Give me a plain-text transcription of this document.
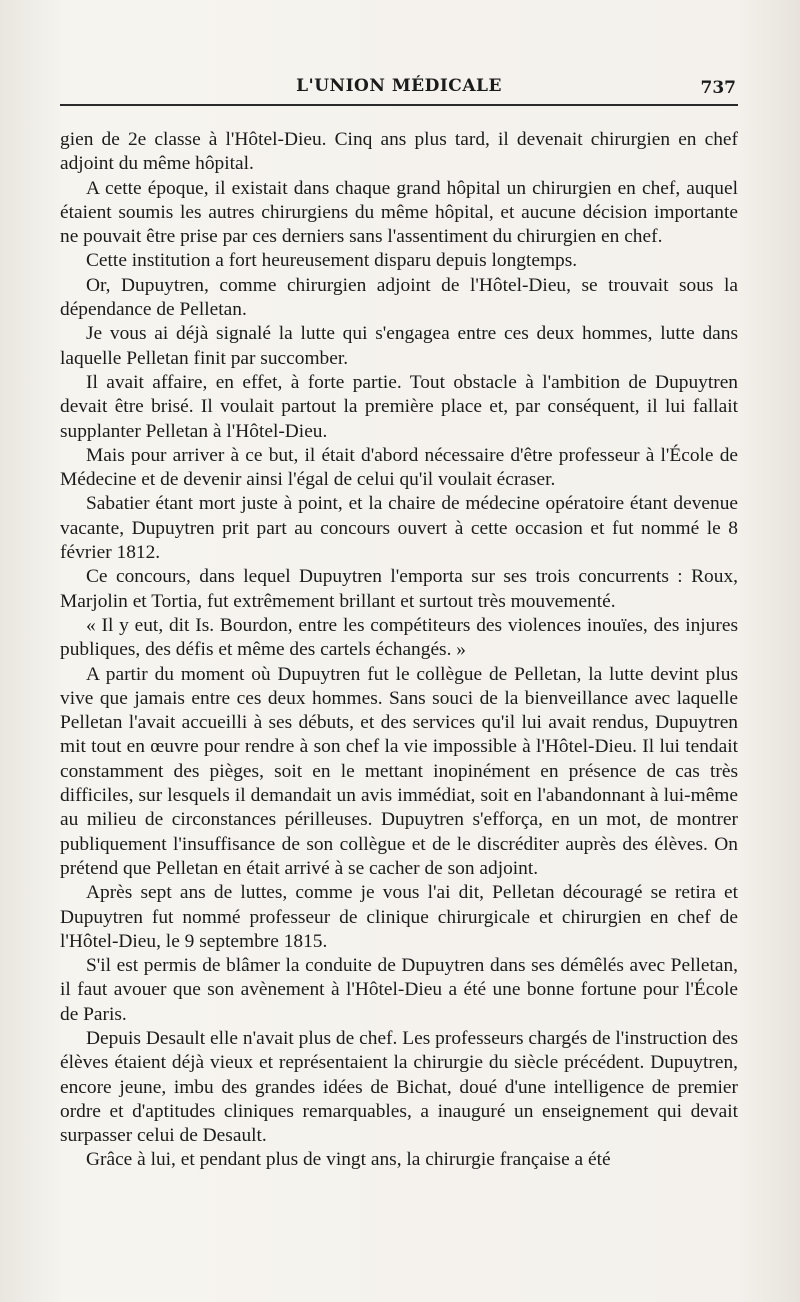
L'UNION MÉDICALE	737

gien de 2e classe à l'Hôtel-Dieu. Cinq ans plus tard, il devenait chirurgien en chef adjoint du même hôpital.

A cette époque, il existait dans chaque grand hôpital un chirurgien en chef, auquel étaient soumis les autres chirurgiens du même hôpital, et aucune décision importante ne pouvait être prise par ces derniers sans l'assentiment du chirurgien en chef.

Cette institution a fort heureusement disparu depuis longtemps.

Or, Dupuytren, comme chirurgien adjoint de l'Hôtel-Dieu, se trouvait sous la dépendance de Pelletan.

Je vous ai déjà signalé la lutte qui s'engagea entre ces deux hommes, lutte dans laquelle Pelletan finit par succomber.

Il avait affaire, en effet, à forte partie. Tout obstacle à l'ambition de Dupuytren devait être brisé. Il voulait partout la première place et, par conséquent, il lui fallait supplanter Pelletan à l'Hôtel-Dieu.

Mais pour arriver à ce but, il était d'abord nécessaire d'être professeur à l'École de Médecine et de devenir ainsi l'égal de celui qu'il voulait écraser.

Sabatier étant mort juste à point, et la chaire de médecine opératoire étant devenue vacante, Dupuytren prit part au concours ouvert à cette occasion et fut nommé le 8 février 1812.

Ce concours, dans lequel Dupuytren l'emporta sur ses trois concurrents : Roux, Marjolin et Tortia, fut extrêmement brillant et surtout très mouvementé.

« Il y eut, dit Is. Bourdon, entre les compétiteurs des violences inouïes, des injures publiques, des défis et même des cartels échangés. »

A partir du moment où Dupuytren fut le collègue de Pelletan, la lutte devint plus vive que jamais entre ces deux hommes. Sans souci de la bienveillance avec laquelle Pelletan l'avait accueilli à ses débuts, et des services qu'il lui avait rendus, Dupuytren mit tout en œuvre pour rendre à son chef la vie impossible à l'Hôtel-Dieu. Il lui tendait constamment des pièges, soit en le mettant inopinément en présence de cas très difficiles, sur lesquels il demandait un avis immédiat, soit en l'abandonnant à lui-même au milieu de circonstances périlleuses. Dupuytren s'efforça, en un mot, de montrer publiquement l'insuffisance de son collègue et de le discréditer auprès des élèves. On prétend que Pelletan en était arrivé à se cacher de son adjoint.

Après sept ans de luttes, comme je vous l'ai dit, Pelletan découragé se retira et Dupuytren fut nommé professeur de clinique chirurgicale et chirurgien en chef de l'Hôtel-Dieu, le 9 septembre 1815.

S'il est permis de blâmer la conduite de Dupuytren dans ses démêlés avec Pelletan, il faut avouer que son avènement à l'Hôtel-Dieu a été une bonne fortune pour l'École de Paris.

Depuis Desault elle n'avait plus de chef. Les professeurs chargés de l'instruction des élèves étaient déjà vieux et représentaient la chirurgie du siècle précédent. Dupuytren, encore jeune, imbu des grandes idées de Bichat, doué d'une intelligence de premier ordre et d'aptitudes cliniques remarquables, a inauguré un enseignement qui devait surpasser celui de Desault.

Grâce à lui, et pendant plus de vingt ans, la chirurgie française a été
